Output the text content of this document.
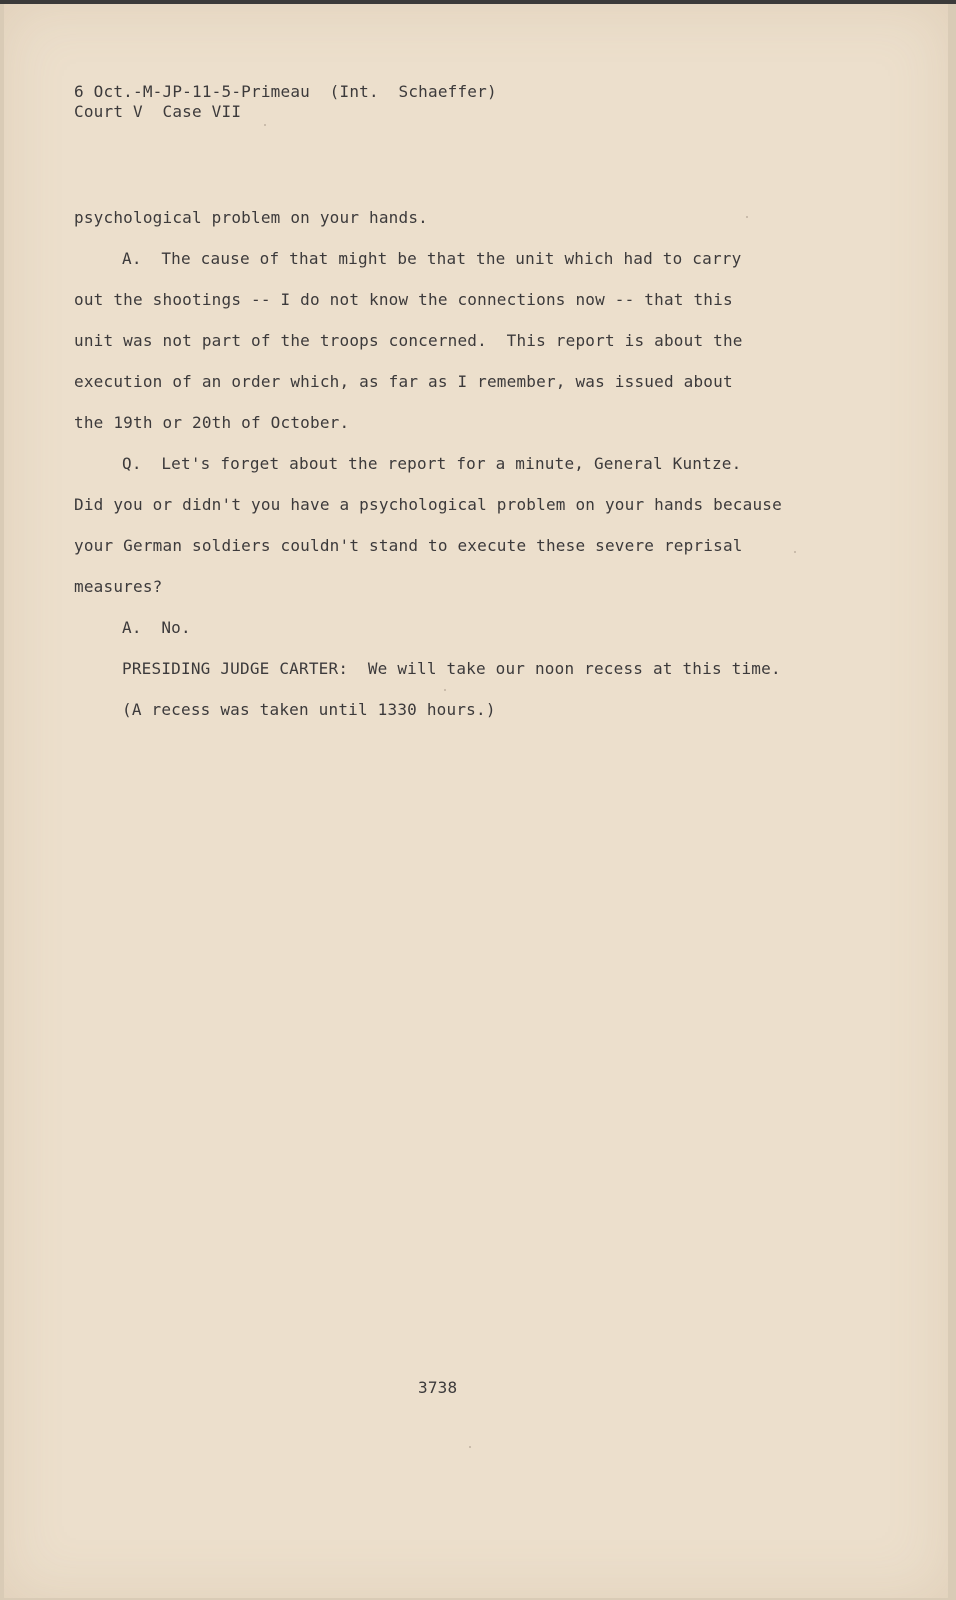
6 Oct.-M-JP-11-5-Primeau  (Int.  Schaeffer)
Court V  Case VII
psychological problem on your hands.
A.  The cause of that might be that the unit which had to carry
out the shootings -- I do not know the connections now -- that this
unit was not part of the troops concerned.  This report is about the
execution of an order which, as far as I remember, was issued about
the 19th or 20th of October.
Q.  Let's forget about the report for a minute, General Kuntze.
Did you or didn't you have a psychological problem on your hands because
your German soldiers couldn't stand to execute these severe reprisal
measures?
A.  No.
PRESIDING JUDGE CARTER:  We will take our noon recess at this time.
(A recess was taken until 1330 hours.)
3738
